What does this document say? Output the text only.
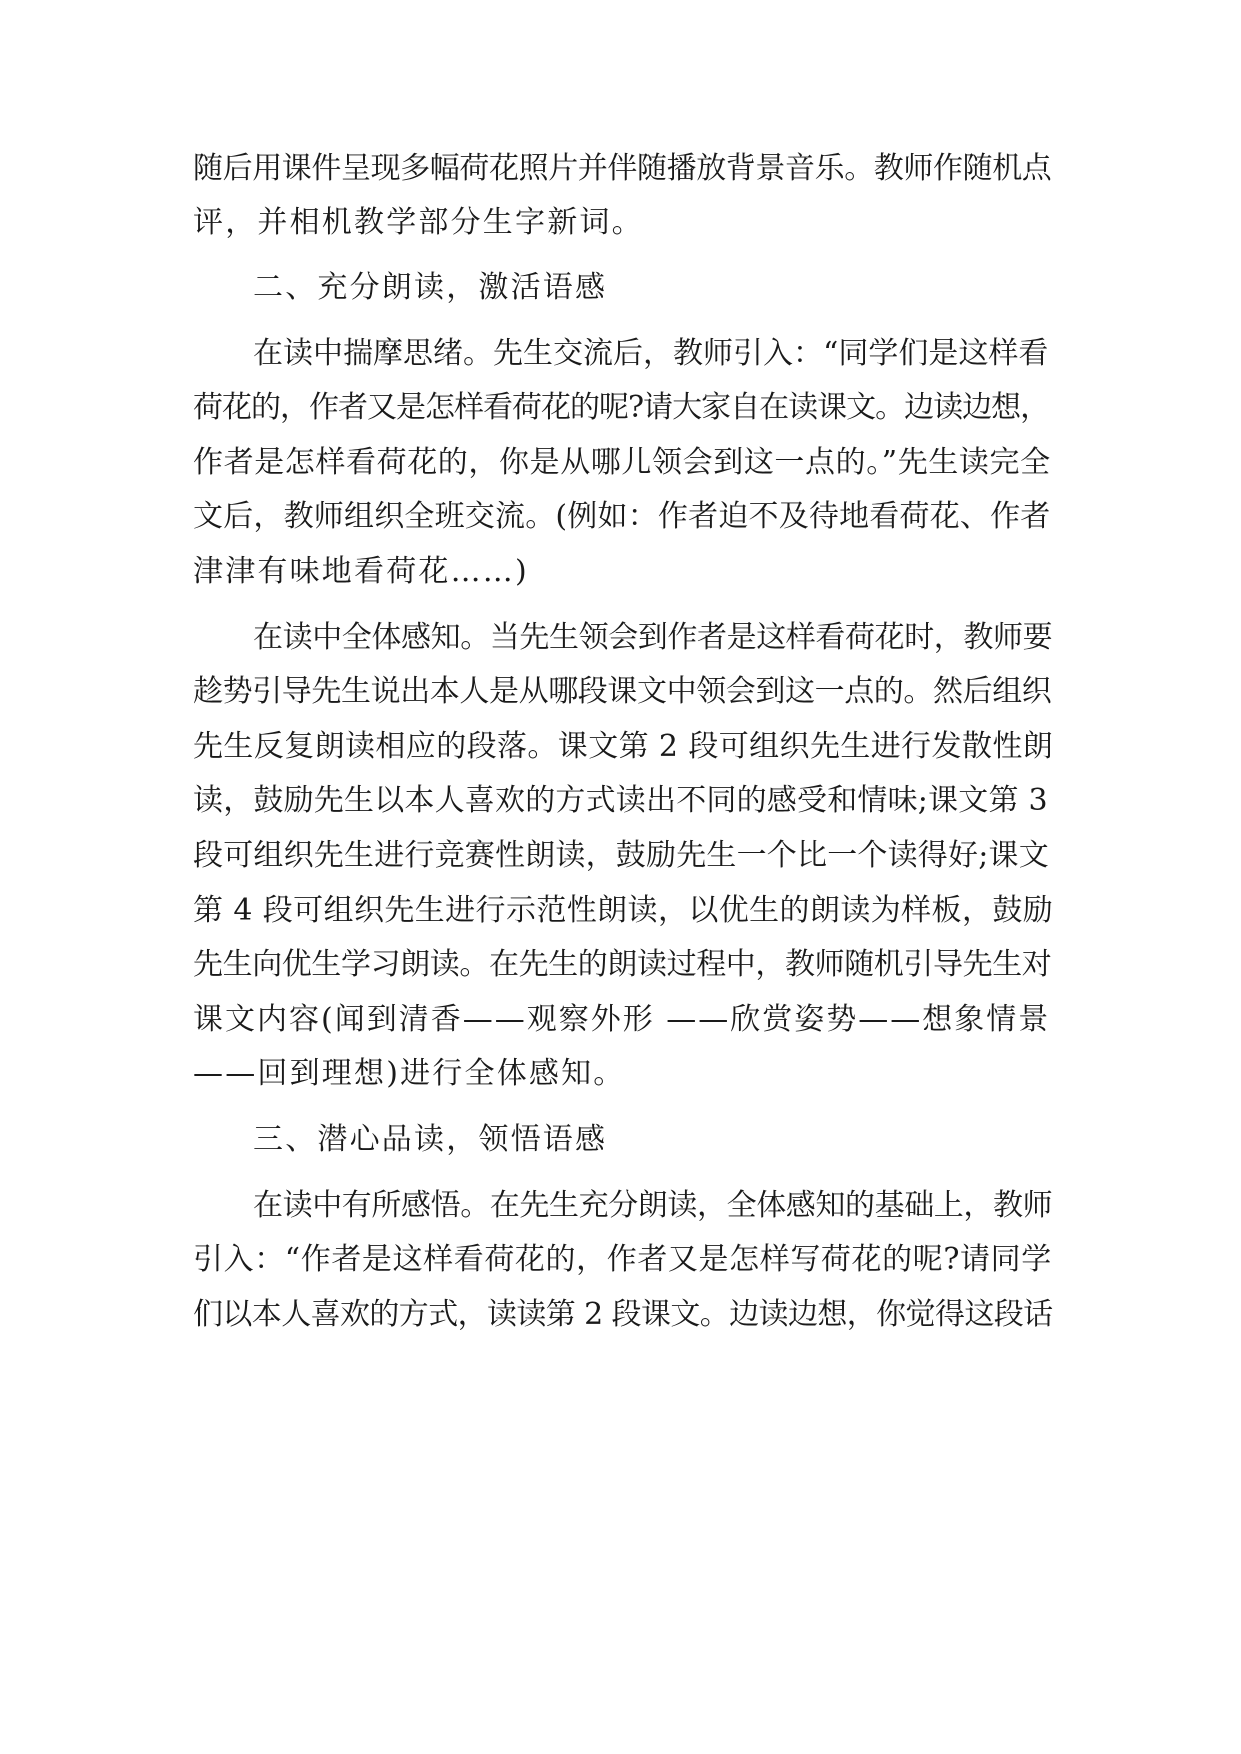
随后用课件呈现多幅荷花照片并伴随播放背景音乐。教师作随机点
评，并相机教学部分生字新词。
二、充分朗读，激活语感
在读中揣摩思绪。先生交流后，教师引入：“同学们是这样看
荷花的，作者又是怎样看荷花的呢?请大家自在读课文。边读边想，
作者是怎样看荷花的，你是从哪儿领会到这一点的。”先生读完全
文后，教师组织全班交流。(例如：作者迫不及待地看荷花、作者
津津有味地看荷花……)
在读中全体感知。当先生领会到作者是这样看荷花时，教师要
趁势引导先生说出本人是从哪段课文中领会到这一点的。然后组织
先生反复朗读相应的段落。课文第 2 段可组织先生进行发散性朗
读，鼓励先生以本人喜欢的方式读出不同的感受和情味;课文第 3
段可组织先生进行竞赛性朗读，鼓励先生一个比一个读得好;课文
第 4 段可组织先生进行示范性朗读，以优生的朗读为样板，鼓励
先生向优生学习朗读。在先生的朗读过程中，教师随机引导先生对
课文内容(闻到清香——观察外形 ——欣赏姿势——想象情景
——回到理想)进行全体感知。
三、潜心品读，领悟语感
在读中有所感悟。在先生充分朗读，全体感知的基础上，教师
引入：“作者是这样看荷花的，作者又是怎样写荷花的呢?请同学
们以本人喜欢的方式，读读第 2 段课文。边读边想，你觉得这段话
